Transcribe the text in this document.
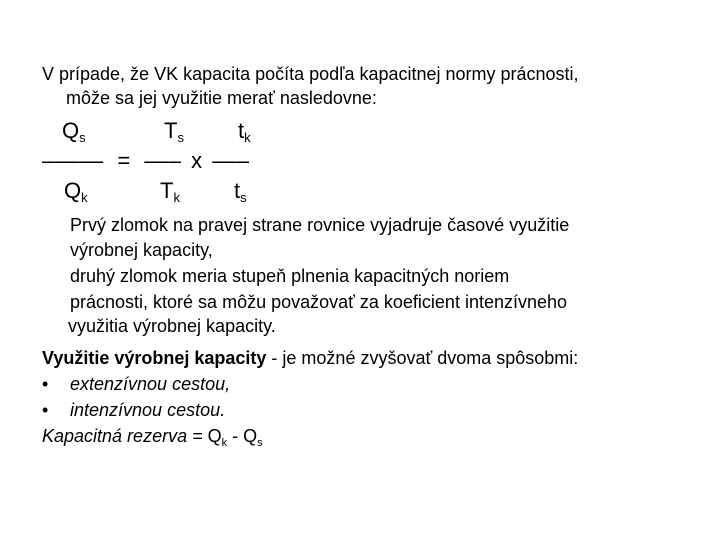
V prípade, že VK kapacita počíta podľa kapacitnej normy prácnosti,
môže sa jej využitie merať nasledovne:
Qs	Ts tk
––––– = ––– x –––
Qk	Tk ts
Prvý zlomok na pravej strane rovnice vyjadruje časové využitie
výrobnej kapacity,
druhý zlomok meria stupeň plnenia kapacitných noriem
prácnosti, ktoré sa môžu považovať za koeficient intenzívneho
využitia výrobnej kapacity.
Využitie výrobnej kapacity - je možné zvyšovať dvoma spôsobmi:
• extenzívnou cestou,
• intenzívnou cestou.
Kapacitná rezerva = $Q_k - Q_s$
